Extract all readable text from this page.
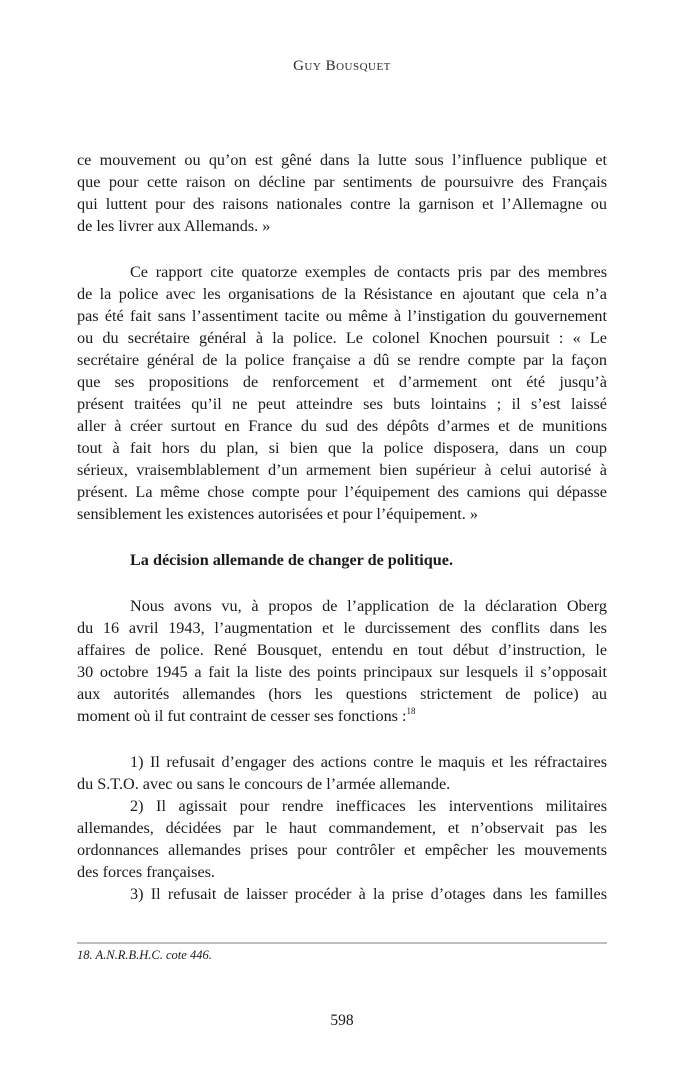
Guy Bousquet
ce mouvement ou qu’on est gêné dans la lutte sous l’influence publique et
que pour cette raison on décline par sentiments de poursuivre des Français
qui luttent pour des raisons nationales contre la garnison et l’Allemagne ou
de les livrer aux Allemands. »
Ce rapport cite quatorze exemples de contacts pris par des membres
de la police avec les organisations de la Résistance en ajoutant que cela n’a
pas été fait sans l’assentiment tacite ou même à l’instigation du gouvernement
ou du secrétaire général à la police. Le colonel Knochen poursuit : « Le
secrétaire général de la police française a dû se rendre compte par la façon
que ses propositions de renforcement et d’armement ont été jusqu’à
présent traitées qu’il ne peut atteindre ses buts lointains ; il s’est laissé
aller à créer surtout en France du sud des dépôts d’armes et de munitions
tout à fait hors du plan, si bien que la police disposera, dans un coup
sérieux, vraisemblablement d’un armement bien supérieur à celui autorisé à
présent. La même chose compte pour l’équipement des camions qui dépasse
sensiblement les existences autorisées et pour l’équipement. »
La décision allemande de changer de politique.
Nous avons vu, à propos de l’application de la déclaration Oberg
du 16 avril 1943, l’augmentation et le durcissement des conflits dans les
affaires de police. René Bousquet, entendu en tout début d’instruction, le
30 octobre 1945 a fait la liste des points principaux sur lesquels il s’opposait
aux autorités allemandes (hors les questions strictement de police) au
moment où il fut contraint de cesser ses fonctions :$^{18}$
1) Il refusait d’engager des actions contre le maquis et les réfractaires
du S.T.O. avec ou sans le concours de l’armée allemande.
2) Il agissait pour rendre inefficaces les interventions militaires
allemandes, décidées par le haut commandement, et n’observait pas les
ordonnances allemandes prises pour contrôler et empêcher les mouvements
des forces françaises.
3) Il refusait de laisser procéder à la prise d’otages dans les familles
18. A.N.R.B.H.C. cote 446.
598
